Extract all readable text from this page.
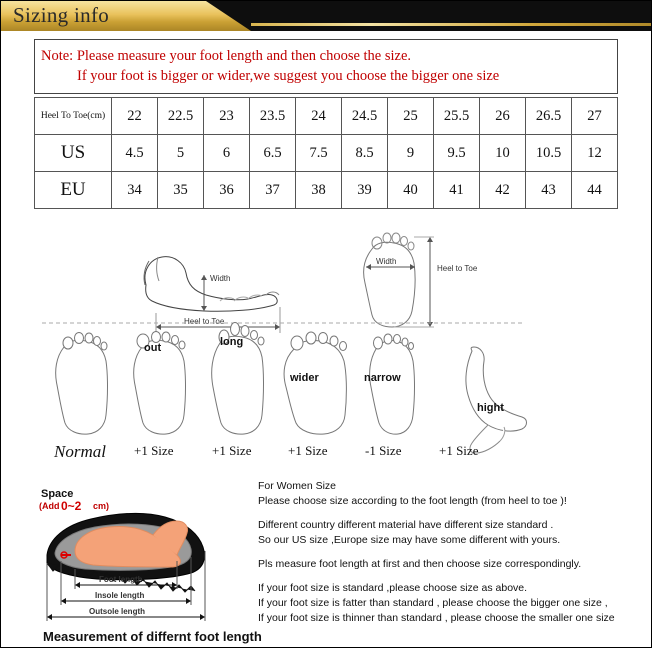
Sizing info
Note: Please measure your foot length and then choose the size.
If your foot is bigger or wider,we suggest you choose the bigger one size
Heel To Toe(cm)	22	22.5	23	23.5	24	24.5	25	25.5	26	26.5	27
US	4.5	5	6	6.5	7.5	8.5	9	9.5	10	10.5	12
EU	34	35	36	37	38	39	40	41	42	43	44
Width
Heel to Toe
Width
Heel to Toe
out	long
wider	narrow
hight
Normal +1 Size	+1 Size	+1 Size	-1 Size	+1 Size
Space
(Add 0~2 cm)
Foot length
Insole length
Outsole length
For Women Size
Please choose size according to the foot length (from heel to toe )!
Different country different material have different size standard .
So our US size ,Europe size may have some different with yours.
Pls measure foot length at first and then choose size correspondingly.
If your foot size is standard ,please choose size as above.
If your foot size is fatter than standard , please choose the bigger one size ,
If your foot size is thinner than standard , please choose the smaller one size
Measurement of differnt foot length
